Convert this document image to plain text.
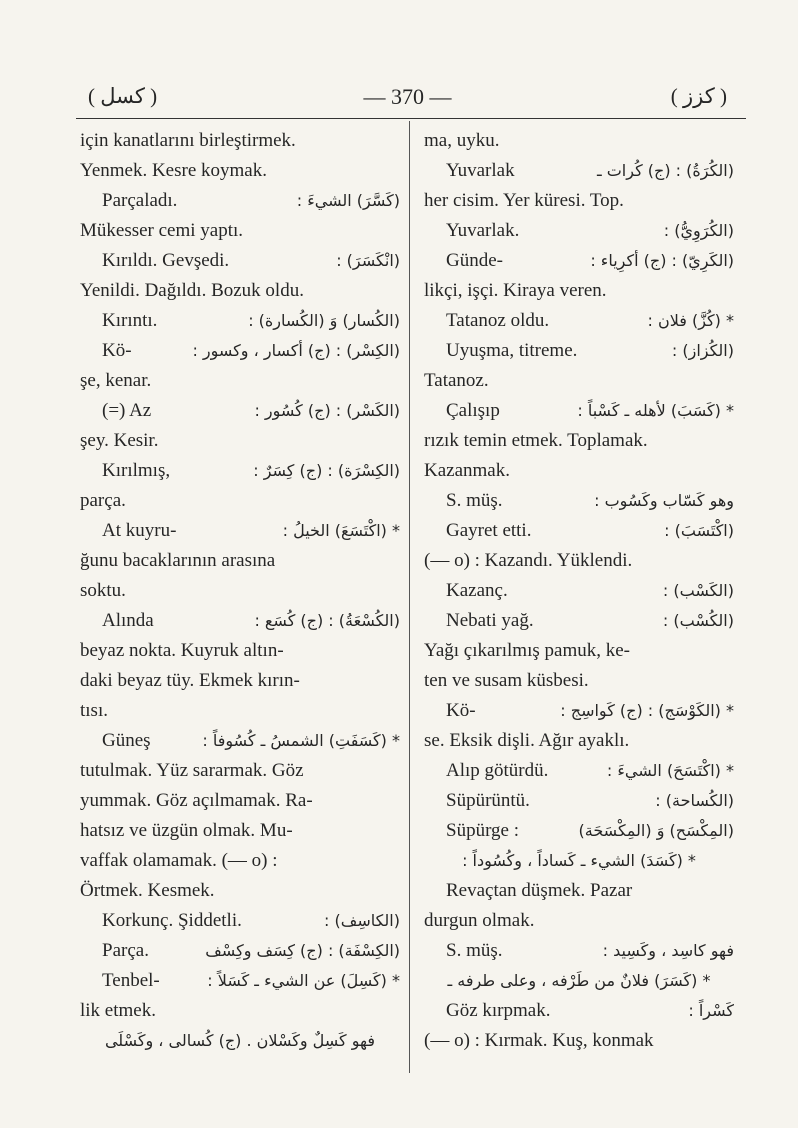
( كسل )	— 370 —	( كزز )
için kanatlarını birleştirmek.
Yenmek. Kesre koymak.
Parçaladı.	(كَسَّرَ) الشيءَ :
Mükesser cemi yaptı.
Kırıldı. Gevşedi.	(انْكَسَرَ) :
Yenildi. Dağıldı. Bozuk oldu.
Kırıntı.	(الكُسار) وَ (الكُسارة) :
Kö-	(الكِسْر) : (ج) أكسار ، وكسور :
şe, kenar.
(=) Az	(الكَسْر) : (ج) كُسُور :
şey. Kesir.
Kırılmış,	(الكِسْرَة) : (ج) كِسَرٌ :
parça.
At kuyru-	* (اكْتَسَعَ) الخيلُ :
ğunu bacaklarının arasına
soktu.
Alında	(الكُسْعَةُ) : (ج) كُسَع :
beyaz nokta. Kuyruk altın-
daki beyaz tüy. Ekmek kırın-
tısı.
Güneş	* (كَسَفَتِ) الشمسُ ـ كُسُوفاً :
tutulmak. Yüz sararmak. Göz
yummak. Göz açılmamak. Ra-
hatsız ve üzgün olmak. Mu-
vaffak olamamak. (— o) :
Örtmek. Kesmek.
Korkunç. Şiddetli.	(الكاسِف) :
Parça.	(الكِسْفَة) : (ج) كِسَف وكِسْف
Tenbel-	* (كَسِلَ) عن الشيء ـ كَسَلاً :
lik etmek.
فهو كَسِلٌ وكَسْلان . (ج) كُسالى ، وكَسْلَى
ma, uyku.
Yuvarlak	(الكُرَةُ) : (ج) كُرات ـ
her cisim. Yer küresi. Top.
Yuvarlak.	(الكُرَوِيُّ) :
Günde-	(الكَرِيّ) : (ج) أكرِياء :
likçi, işçi. Kiraya veren.
Tatanoz oldu.	* (كُزَّ) فلان :
Uyuşma, titreme.	(الكُزاز) :
Tatanoz.
Çalışıp	* (كَسَبَ) لأهله ـ كَسْباً :
rızık temin etmek. Toplamak.
Kazanmak.
S. müş.	وهو كَسّاب وكَسُوب :
Gayret etti.	(اكْتَسَبَ) :
(— o) : Kazandı. Yüklendi.
Kazanç.	(الكَسْب) :
Nebati yağ.	(الكُسْب) :
Yağı çıkarılmış pamuk, ke-
ten ve susam küsbesi.
Kö-	* (الكَوْسَج) : (ج) كَواسِج :
se. Eksik dişli. Ağır ayaklı.
Alıp götürdü.	* (اكْتَسَحَ) الشيءَ :
Süpürüntü.	(الكُساحة) :
Süpürge :	(المِكْسَح) وَ (المِكْسَحَة)
* (كَسَدَ) الشيء ـ كَساداً ، وكُسُوداً :
Revaçtan düşmek. Pazar
durgun olmak.
S. müş.	فهو كاسِد ، وكَسِيد :
* (كَسَرَ) فلانٌ من طَرْفه ، وعلى طرفه ـ
Göz kırpmak.	كَسْراً :
(— o) : Kırmak. Kuş, konmak
